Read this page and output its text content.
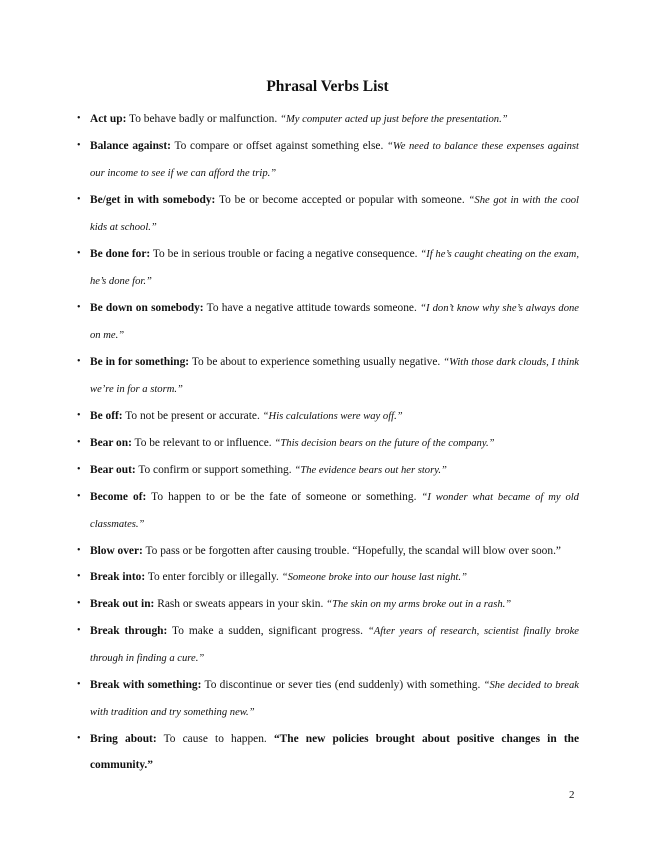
Phrasal Verbs List
• Act up: To behave badly or malfunction. “My computer acted up just before the presentation.”
• Balance against: To compare or offset against something else. “We need to balance these expenses against our income to see if we can afford the trip.”
• Be/get in with somebody: To be or become accepted or popular with someone. “She got in with the cool kids at school.”
• Be done for: To be in serious trouble or facing a negative consequence. “If he’s caught cheating on the exam, he’s done for.”
• Be down on somebody: To have a negative attitude towards someone. “I don’t know why she’s always done on me.”
• Be in for something: To be about to experience something usually negative. “With those dark clouds, I think we’re in for a storm.”
• Be off: To not be present or accurate. “His calculations were way off.”
• Bear on: To be relevant to or influence. “This decision bears on the future of the company.”
• Bear out: To confirm or support something. “The evidence bears out her story.”
• Become of: To happen to or be the fate of someone or something. “I wonder what became of my old classmates.”
• Blow over: To pass or be forgotten after causing trouble. “Hopefully, the scandal will blow over soon.”
• Break into: To enter forcibly or illegally. “Someone broke into our house last night.”
• Break out in: Rash or sweats appears in your skin. “The skin on my arms broke out in a rash.”
• Break through: To make a sudden, significant progress. “After years of research, scientist finally broke through in finding a cure.”
• Break with something: To discontinue or sever ties (end suddenly) with something. “She decided to break with tradition and try something new.”
• Bring about: To cause to happen. “The new policies brought about positive changes in the community.”
2
